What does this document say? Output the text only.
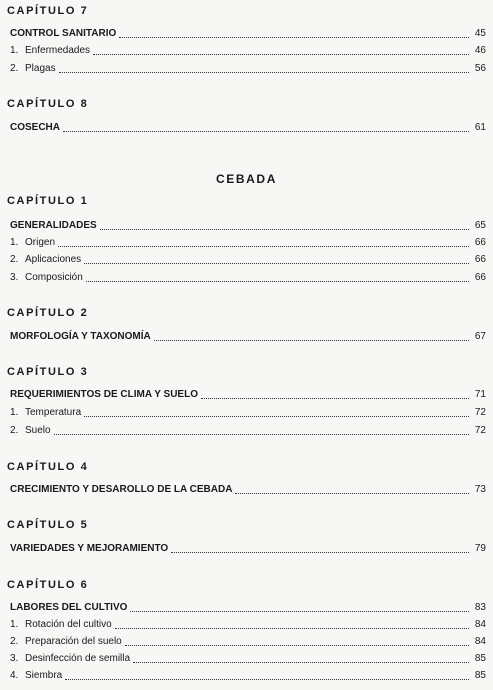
CAPÍTULO 7
CONTROL SANITARIO	45
1. Enfermedades	46
2. Plagas	56
CAPÍTULO 8
COSECHA	61
CEBADA
CAPÍTULO 1
GENERALIDADES	65
1. Origen	66
2. Aplicaciones	66
3. Composición	66
CAPÍTULO 2
MORFOLOGÍA Y TAXONOMÍA	67
CAPÍTULO 3
REQUERIMIENTOS DE CLIMA Y SUELO	71
1. Temperatura	72
2. Suelo	72
CAPÍTULO 4
CRECIMIENTO Y DESAROLLO DE LA CEBADA	73
CAPÍTULO 5
VARIEDADES Y MEJORAMIENTO	79
CAPÍTULO 6
LABORES DEL CULTIVO	83
1. Rotación del cultivo	84
2. Preparación del suelo	84
3. Desinfección de semilla	85
4. Siembra	85
